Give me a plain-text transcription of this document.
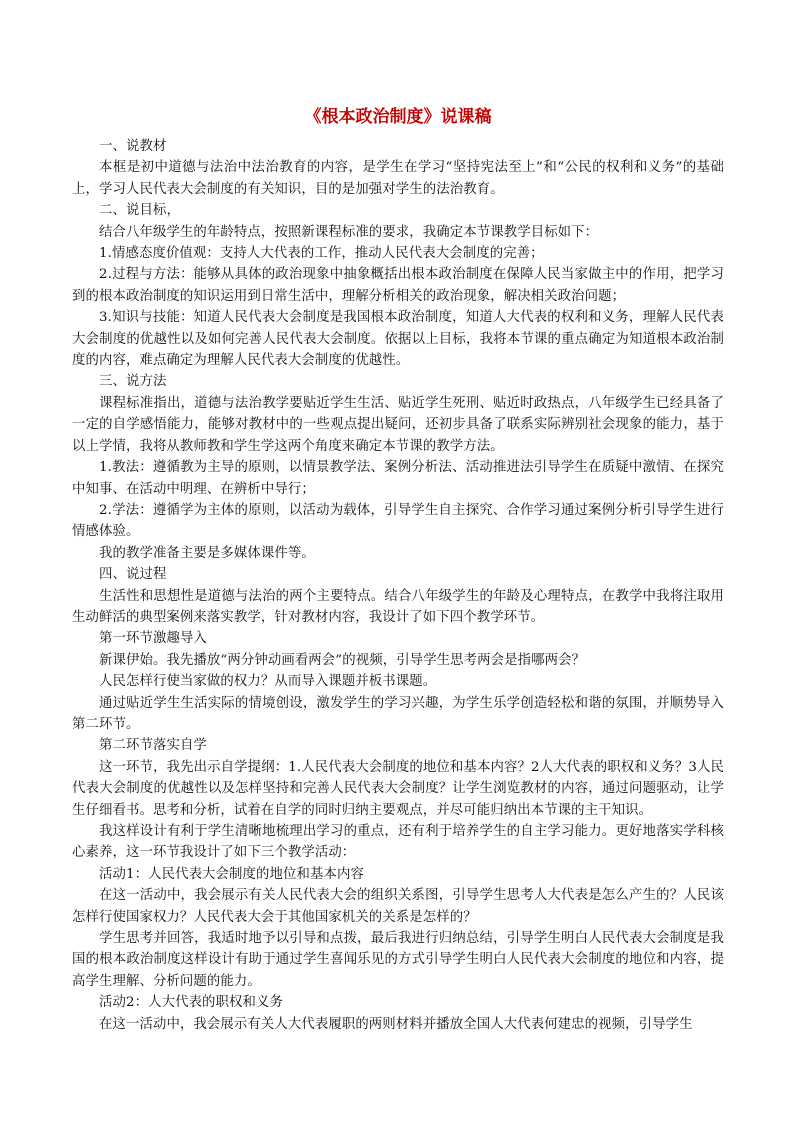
《根本政治制度》说课稿

一、说教材

本框是初中道德与法治中法治教育的内容，是学生在学习“坚持宪法至上”和“公民的权利和义务”的基础上，学习人民代表大会制度的有关知识，目的是加强对学生的法治教育。

二、说目标，

结合八年级学生的年龄特点，按照新课程标准的要求，我确定本节课教学目标如下：

1.情感态度价值观：支持人大代表的工作，推动人民代表大会制度的完善；

2.过程与方法：能够从具体的政治现象中抽象概括出根本政治制度在保障人民当家做主中的作用，把学习到的根本政治制度的知识运用到日常生活中，理解分析相关的政治现象，解决相关政治问题；

3.知识与技能：知道人民代表大会制度是我国根本政治制度，知道人大代表的权利和义务，理解人民代表大会制度的优越性以及如何完善人民代表大会制度。依据以上目标，我将本节课的重点确定为知道根本政治制度的内容，难点确定为理解人民代表大会制度的优越性。

三、说方法

课程标准指出，道德与法治教学要贴近学生生活、贴近学生死刑、贴近时政热点，八年级学生已经具备了一定的自学感悟能力，能够对教材中的一些观点提出疑问，还初步具备了联系实际辨别社会现象的能力，基于以上学情，我将从教师教和学生学这两个角度来确定本节课的教学方法。

1.教法：遵循教为主导的原则，以情景教学法、案例分析法、活动推进法引导学生在质疑中激情、在探究中知事、在活动中明理、在辨析中导行；

2.学法：遵循学为主体的原则，以活动为载体，引导学生自主探究、合作学习通过案例分析引导学生进行情感体验。

我的教学准备主要是多媒体课件等。

四、说过程

生活性和思想性是道德与法治的两个主要特点。结合八年级学生的年龄及心理特点，在教学中我将注取用生动鲜活的典型案例来落实教学，针对教材内容，我设计了如下四个教学环节。

第一环节激趣导入

新课伊始。我先播放“两分钟动画看两会”的视频，引导学生思考两会是指哪两会？

人民怎样行使当家做的权力？从而导入课题并板书课题。

通过贴近学生生活实际的情境创设，激发学生的学习兴趣，为学生乐学创造轻松和谐的氛围，并顺势导入第二环节。

第二环节落实自学

这一环节，我先出示自学提纲：1.人民代表大会制度的地位和基本内容？2人大代表的职权和义务？3人民代表大会制度的优越性以及怎样坚持和完善人民代表大会制度？让学生浏览教材的内容，通过问题驱动，让学生仔细看书。思考和分析，试着在自学的同时归纳主要观点，并尽可能归纳出本节课的主干知识。

我这样设计有利于学生清晰地梳理出学习的重点，还有利于培养学生的自主学习能力。更好地落实学科核心素养，这一环节我设计了如下三个教学活动：

活动1：人民代表大会制度的地位和基本内容

在这一活动中，我会展示有关人民代表大会的组织关系图，引导学生思考人大代表是怎么产生的？人民该怎样行使国家权力？人民代表大会于其他国家机关的关系是怎样的？

学生思考并回答，我适时地予以引导和点拨，最后我进行归纳总结，引导学生明白人民代表大会制度是我国的根本政治制度这样设计有助于通过学生喜闻乐见的方式引导学生明白人民代表大会制度的地位和内容，提高学生理解、分析问题的能力。

活动2：人大代表的职权和义务

在这一活动中，我会展示有关人大代表履职的两则材料并播放全国人大代表何建忠的视频，引导学生
